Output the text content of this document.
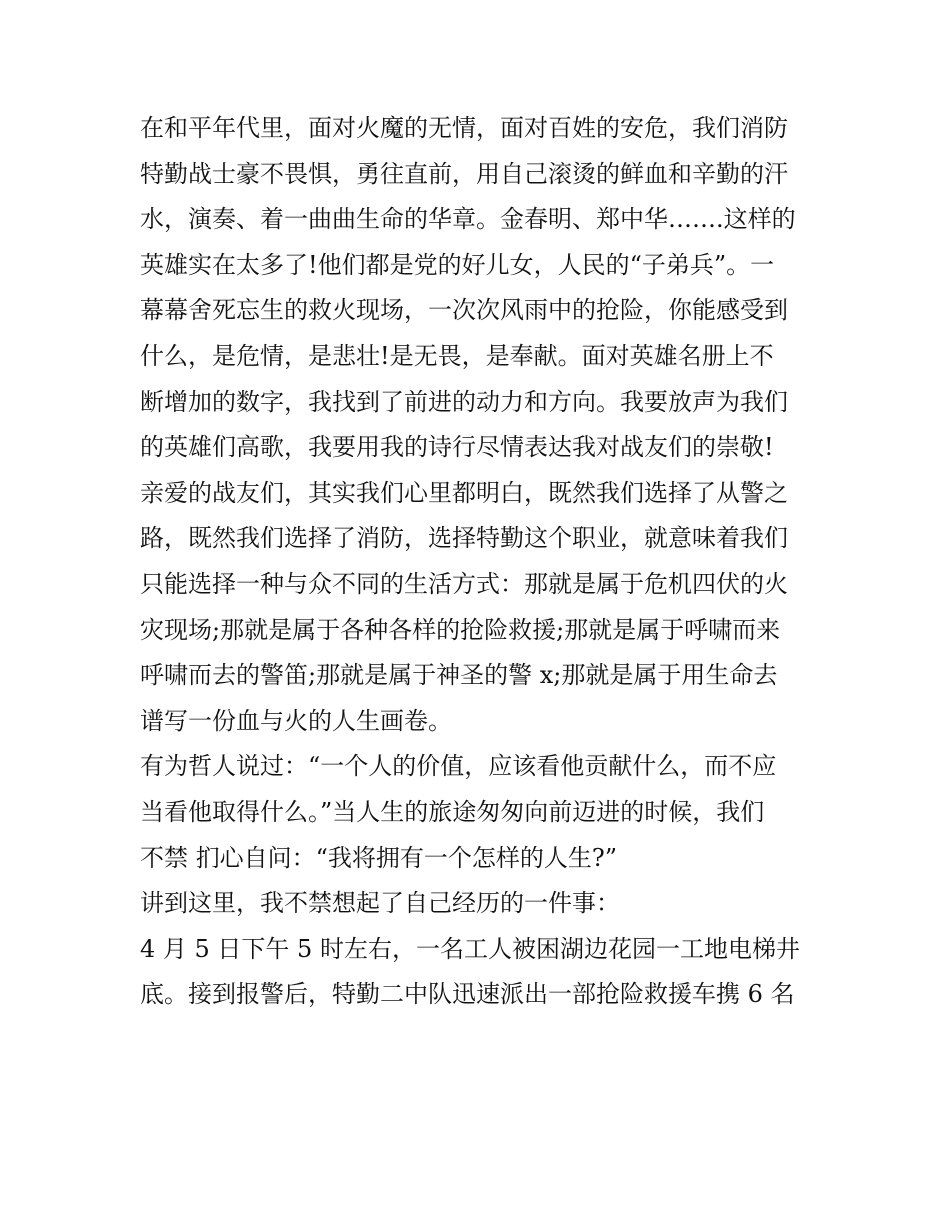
在和平年代里，面对火魔的无情，面对百姓的安危，我们消防
特勤战士豪不畏惧，勇往直前，用自己滚烫的鲜血和辛勤的汗
水，演奏、着一曲曲生命的华章。金春明、郑中华…….这样的
英雄实在太多了!他们都是党的好儿女，人民的“子弟兵”。一
幕幕舍死忘生的救火现场，一次次风雨中的抢险，你能感受到
什么，是危情，是悲壮!是无畏，是奉献。面对英雄名册上不
断增加的数字，我找到了前进的动力和方向。我要放声为我们
的英雄们高歌，我要用我的诗行尽情表达我对战友们的崇敬!
亲爱的战友们，其实我们心里都明白，既然我们选择了从警之
路，既然我们选择了消防，选择特勤这个职业，就意味着我们
只能选择一种与众不同的生活方式：那就是属于危机四伏的火
灾现场;那就是属于各种各样的抢险救援;那就是属于呼啸而来
呼啸而去的警笛;那就是属于神圣的警 x;那就是属于用生命去
谱写一份血与火的人生画卷。
有为哲人说过：“一个人的价值，应该看他贡献什么，而不应
当看他取得什么。”当人生的旅途匆匆向前迈进的时候，我们
不禁 扪心自问：“我将拥有一个怎样的人生?”
讲到这里，我不禁想起了自己经历的一件事：
4 月 5 日下午 5 时左右，一名工人被困湖边花园一工地电梯井
底。接到报警后，特勤二中队迅速派出一部抢险救援车携 6 名
